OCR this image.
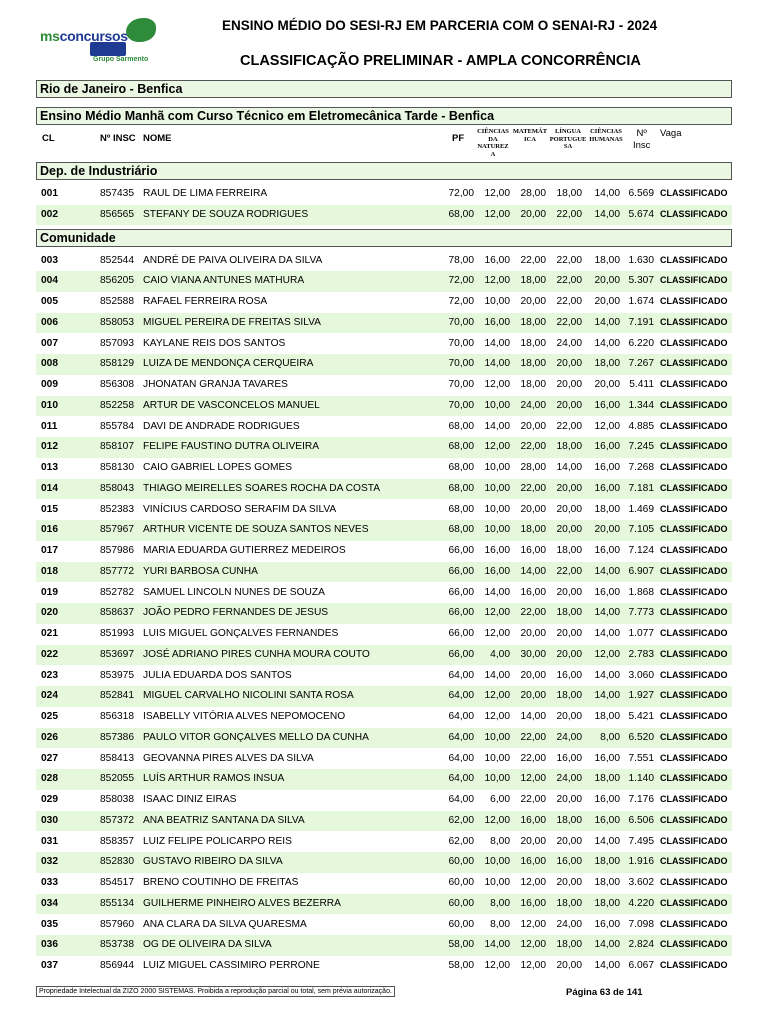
msconcursos
Grupo Sarmento
ENSINO MÉDIO DO SESI-RJ EM PARCERIA COM O SENAI-RJ - 2024
CLASSIFICAÇÃO PRELIMINAR - AMPLA CONCORRÊNCIA
Rio de Janeiro - Benfica
Ensino Médio Manhã com Curso Técnico em Eletromecânica Tarde - Benfica
CL	Nº INSC NOME	PF
CIÊNCIAS
DA
NATUREZ
A
MATEMÁT
ICA
LÍNGUA
PORTUGUE
SA
CIÊNCIAS
HUMANAS	Nº
Insc
Vaga
Dep. de Industriário
001	857435 RAUL DE LIMA FERREIRA	72,00 12,00 28,00 18,00 14,00 6.569 CLASSIFICADO
002	856565 STEFANY DE SOUZA RODRIGUES	68,00 12,00 20,00 22,00 14,00 5.674 CLASSIFICADO
Comunidade
003	852544 ANDRÉ DE PAIVA OLIVEIRA DA SILVA	78,00 16,00 22,00 22,00 18,00 1.630 CLASSIFICADO
004	856205 CAIO VIANA ANTUNES MATHURA	72,00 12,00 18,00 22,00 20,00 5.307 CLASSIFICADO
005	852588 RAFAEL FERREIRA ROSA	72,00 10,00 20,00 22,00 20,00 1.674 CLASSIFICADO
006	858053 MIGUEL PEREIRA DE FREITAS SILVA	70,00 16,00 18,00 22,00 14,00 7.191 CLASSIFICADO
007	857093 KAYLANE REIS DOS SANTOS	70,00 14,00 18,00 24,00 14,00 6.220 CLASSIFICADO
008	858129 LUIZA DE MENDONÇA CERQUEIRA	70,00 14,00 18,00 20,00 18,00 7.267 CLASSIFICADO
009	856308 JHONATAN GRANJA TAVARES	70,00 12,00 18,00 20,00 20,00 5.411 CLASSIFICADO
010	852258 ARTUR DE VASCONCELOS MANUEL	70,00 10,00 24,00 20,00 16,00 1.344 CLASSIFICADO
011	855784 DAVI DE ANDRADE RODRIGUES	68,00 14,00 20,00 22,00 12,00 4.885 CLASSIFICADO
012	858107 FELIPE FAUSTINO DUTRA OLIVEIRA	68,00 12,00 22,00 18,00 16,00 7.245 CLASSIFICADO
013	858130 CAIO GABRIEL LOPES GOMES	68,00 10,00 28,00 14,00 16,00 7.268 CLASSIFICADO
014	858043 THIAGO MEIRELLES SOARES ROCHA DA COSTA	68,00 10,00 22,00 20,00 16,00 7.181 CLASSIFICADO
015	852383 VINÍCIUS CARDOSO SERAFIM DA SILVA	68,00 10,00 20,00 20,00 18,00 1.469 CLASSIFICADO
016	857967 ARTHUR VICENTE DE SOUZA SANTOS NEVES	68,00 10,00 18,00 20,00 20,00 7.105 CLASSIFICADO
017	857986 MARIA EDUARDA GUTIERREZ MEDEIROS	66,00 16,00 16,00 18,00 16,00 7.124 CLASSIFICADO
018	857772 YURI BARBOSA CUNHA	66,00 16,00 14,00 22,00 14,00 6.907 CLASSIFICADO
019	852782 SAMUEL LINCOLN NUNES DE SOUZA	66,00 14,00 16,00 20,00 16,00 1.868 CLASSIFICADO
020	858637 JOÃO PEDRO FERNANDES DE JESUS	66,00 12,00 22,00 18,00 14,00 7.773 CLASSIFICADO
021	851993 LUIS MIGUEL GONÇALVES FERNANDES	66,00 12,00 20,00 20,00 14,00 1.077 CLASSIFICADO
022	853697 JOSÉ ADRIANO PIRES CUNHA MOURA COUTO	66,00 4,00 30,00 20,00 12,00 2.783 CLASSIFICADO
023	853975 JULIA EDUARDA DOS SANTOS	64,00 14,00 20,00 16,00 14,00 3.060 CLASSIFICADO
024	852841 MIGUEL CARVALHO NICOLINI SANTA ROSA	64,00 12,00 20,00 18,00 14,00 1.927 CLASSIFICADO
025	856318 ISABELLY VITÓRIA ALVES NEPOMOCENO	64,00 12,00 14,00 20,00 18,00 5.421 CLASSIFICADO
026	857386 PAULO VITOR GONÇALVES MELLO DA CUNHA	64,00 10,00 22,00 24,00 8,00 6.520 CLASSIFICADO
027	858413 GEOVANNA PIRES ALVES DA SILVA	64,00 10,00 22,00 16,00 16,00 7.551 CLASSIFICADO
028	852055 LUÍS ARTHUR RAMOS INSUA	64,00 10,00 12,00 24,00 18,00 1.140 CLASSIFICADO
029	858038 ISAAC DINIZ EIRAS	64,00 6,00 22,00 20,00 16,00 7.176 CLASSIFICADO
030	857372 ANA BEATRIZ SANTANA DA SILVA	62,00 12,00 16,00 18,00 16,00 6.506 CLASSIFICADO
031	858357 LUIZ FELIPE POLICARPO REIS	62,00 8,00 20,00 20,00 14,00 7.495 CLASSIFICADO
032	852830 GUSTAVO RIBEIRO DA SILVA	60,00 10,00 16,00 16,00 18,00 1.916 CLASSIFICADO
033	854517 BRENO COUTINHO DE FREITAS	60,00 10,00 12,00 20,00 18,00 3.602 CLASSIFICADO
034	855134 GUILHERME PINHEIRO ALVES BEZERRA	60,00 8,00 16,00 18,00 18,00 4.220 CLASSIFICADO
035	857960 ANA CLARA DA SILVA QUARESMA	60,00 8,00 12,00 24,00 16,00 7.098 CLASSIFICADO
036	853738 OG DE OLIVEIRA DA SILVA	58,00 14,00 12,00 18,00 14,00 2.824 CLASSIFICADO
037	856944 LUIZ MIGUEL CASSIMIRO PERRONE	58,00 12,00 12,00 20,00 14,00 6.067 CLASSIFICADO
Propriedade Intelectual da ZIZO 2000 SISTEMAS. Proibida a reprodução parcial ou total, sem prévia autorização.	Página 63 de 141
